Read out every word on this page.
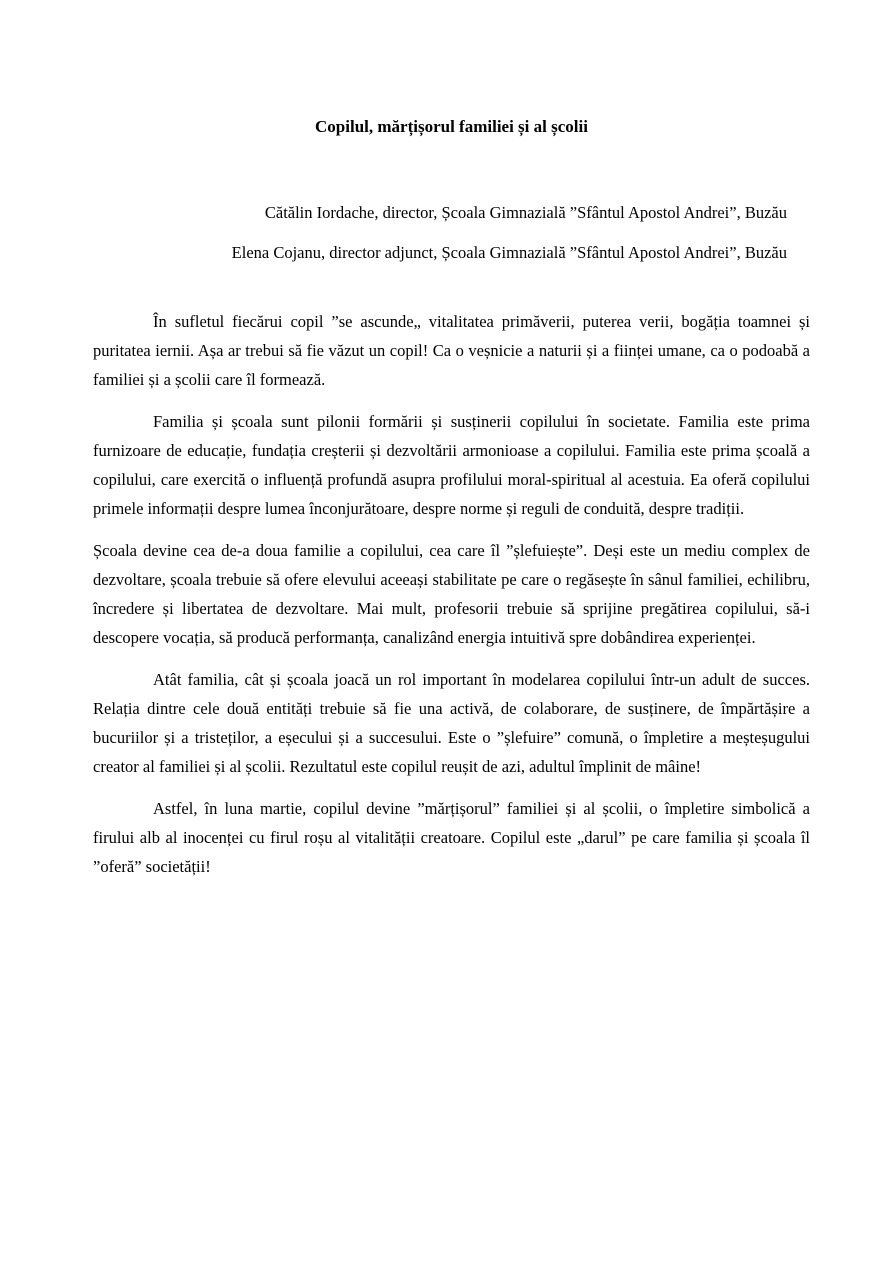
Copilul, mărțișorul familiei și al școlii

Cătălin Iordache, director, Școala Gimnazială ”Sfântul Apostol Andrei”, Buzău

Elena Cojanu, director adjunct, Școala Gimnazială ”Sfântul Apostol Andrei”, Buzău

În sufletul fiecărui copil ”se ascunde„ vitalitatea primăverii, puterea verii, bogăția toamnei și puritatea iernii. Așa ar trebui să fie văzut un copil! Ca o veșnicie a naturii și a ființei umane, ca o podoabă a familiei și a școlii care îl formează.

Familia și școala sunt pilonii formării și susținerii copilului în societate. Familia este prima furnizoare de educație, fundația creșterii și dezvoltării armonioase a copilului. Familia este prima școală a copilului, care exercită o influență profundă asupra profilului moral-spiritual al acestuia. Ea oferă copilului primele informații despre lumea înconjurătoare, despre norme și reguli de conduită, despre tradiții.

Școala devine cea de-a doua familie a copilului, cea care îl ”șlefuiește”. Deși este un mediu complex de dezvoltare, școala trebuie să ofere elevului aceeași stabilitate pe care o regăsește în sânul familiei, echilibru, încredere și libertatea de dezvoltare. Mai mult, profesorii trebuie să sprijine pregătirea copilului, să-i descopere vocația, să producă performanța, canalizând energia intuitivă spre dobândirea experienței.

Atât familia, cât și școala joacă un rol important în modelarea copilului într-un adult de succes. Relația dintre cele două entități trebuie să fie una activă, de colaborare, de susținere, de împărtășire a bucuriilor și a tristeților, a eșecului și a succesului. Este o ”șlefuire” comună, o împletire a meșteșugului creator al familiei și al școlii. Rezultatul este copilul reușit de azi, adultul împlinit de mâine!

Astfel, în luna martie, copilul devine ”mărțișorul” familiei și al școlii, o împletire simbolică a firului alb al inocenței cu firul roșu al vitalității creatoare. Copilul este „darul” pe care familia și școala îl ”oferă” societății!
